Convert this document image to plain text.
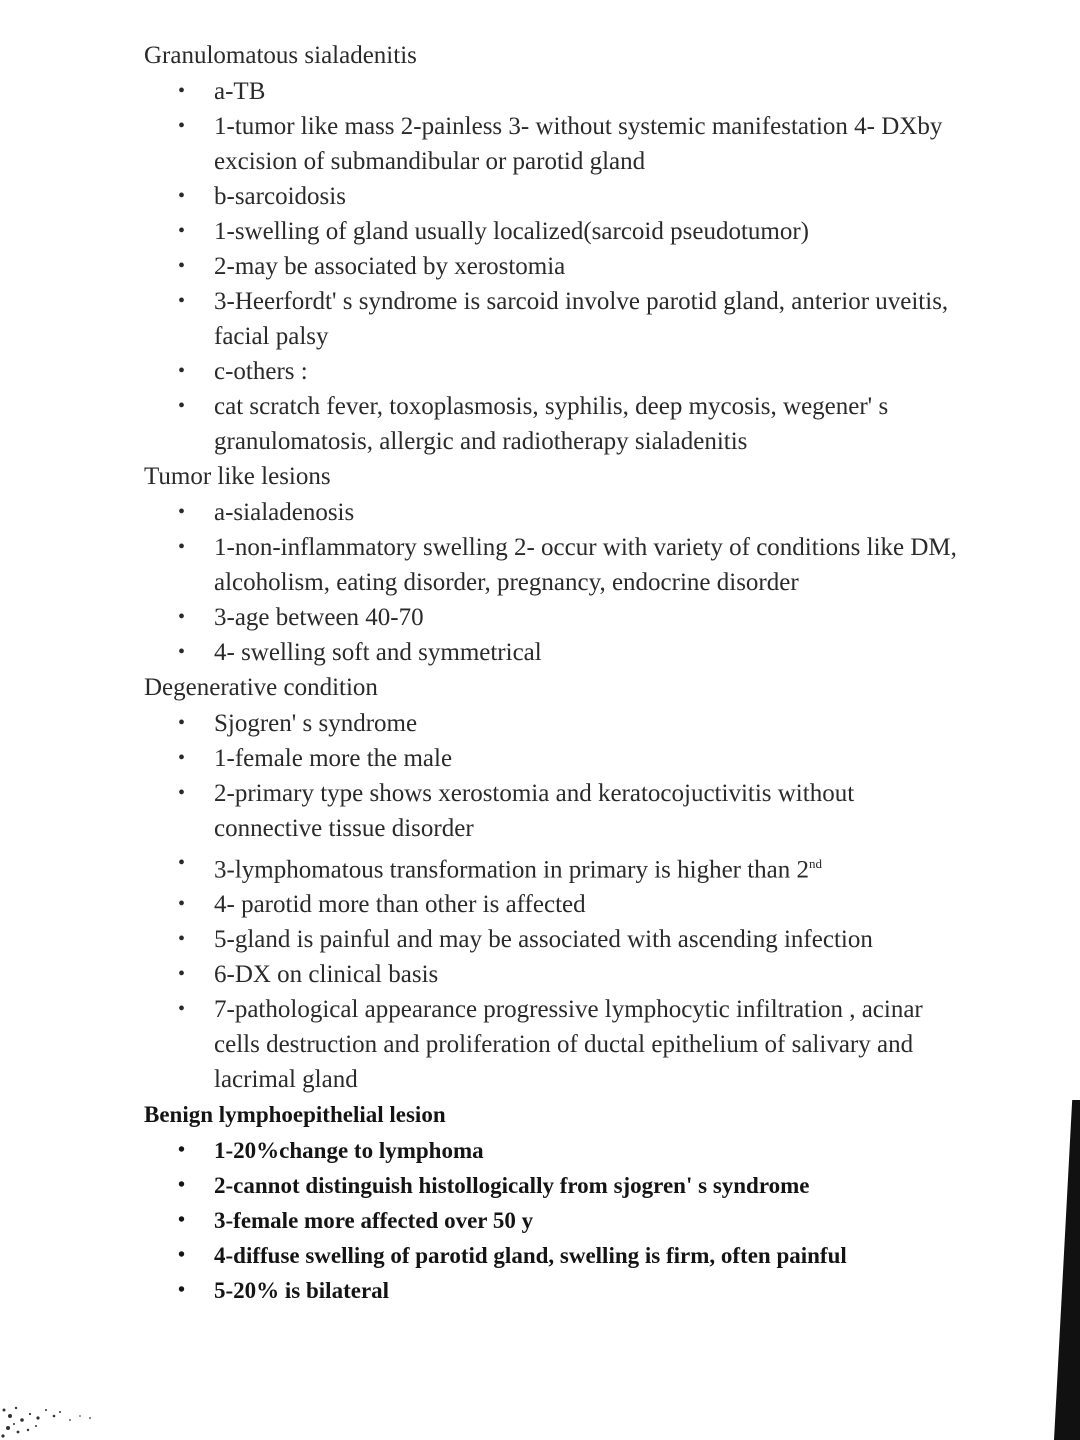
Granulomatous sialadenitis

• a-TB
• 1-tumor like mass 2-painless 3- without systemic manifestation 4- DXby excision of submandibular or parotid gland
• b-sarcoidosis
• 1-swelling of gland usually localized(sarcoid pseudotumor)
• 2-may be associated by xerostomia
• 3-Heerfordt' s syndrome is sarcoid involve parotid gland, anterior uveitis, facial palsy
• c-others :
• cat scratch fever, toxoplasmosis, syphilis, deep mycosis, wegener' s granulomatosis, allergic and radiotherapy sialadenitis

Tumor like lesions

• a-sialadenosis
• 1-non-inflammatory swelling 2- occur with variety of conditions like DM, alcoholism, eating disorder, pregnancy, endocrine disorder
• 3-age between 40-70
• 4- swelling soft and symmetrical

Degenerative condition

• Sjogren' s syndrome
• 1-female more the male
• 2-primary type shows xerostomia and keratocojuctivitis without connective tissue disorder
• 3-lymphomatous transformation in primary is higher than 2nd
• 4- parotid more than other is affected
• 5-gland is painful and may be associated with ascending infection
• 6-DX on clinical basis
• 7-pathological appearance progressive lymphocytic infiltration , acinar cells destruction and proliferation of ductal epithelium of salivary and lacrimal gland

Benign lymphoepithelial lesion

• 1-20%change to lymphoma
• 2-cannot distinguish histollogically from sjogren' s syndrome
• 3-female more affected over 50 y
• 4-diffuse swelling of parotid gland, swelling is firm, often painful
• 5-20% is bilateral
